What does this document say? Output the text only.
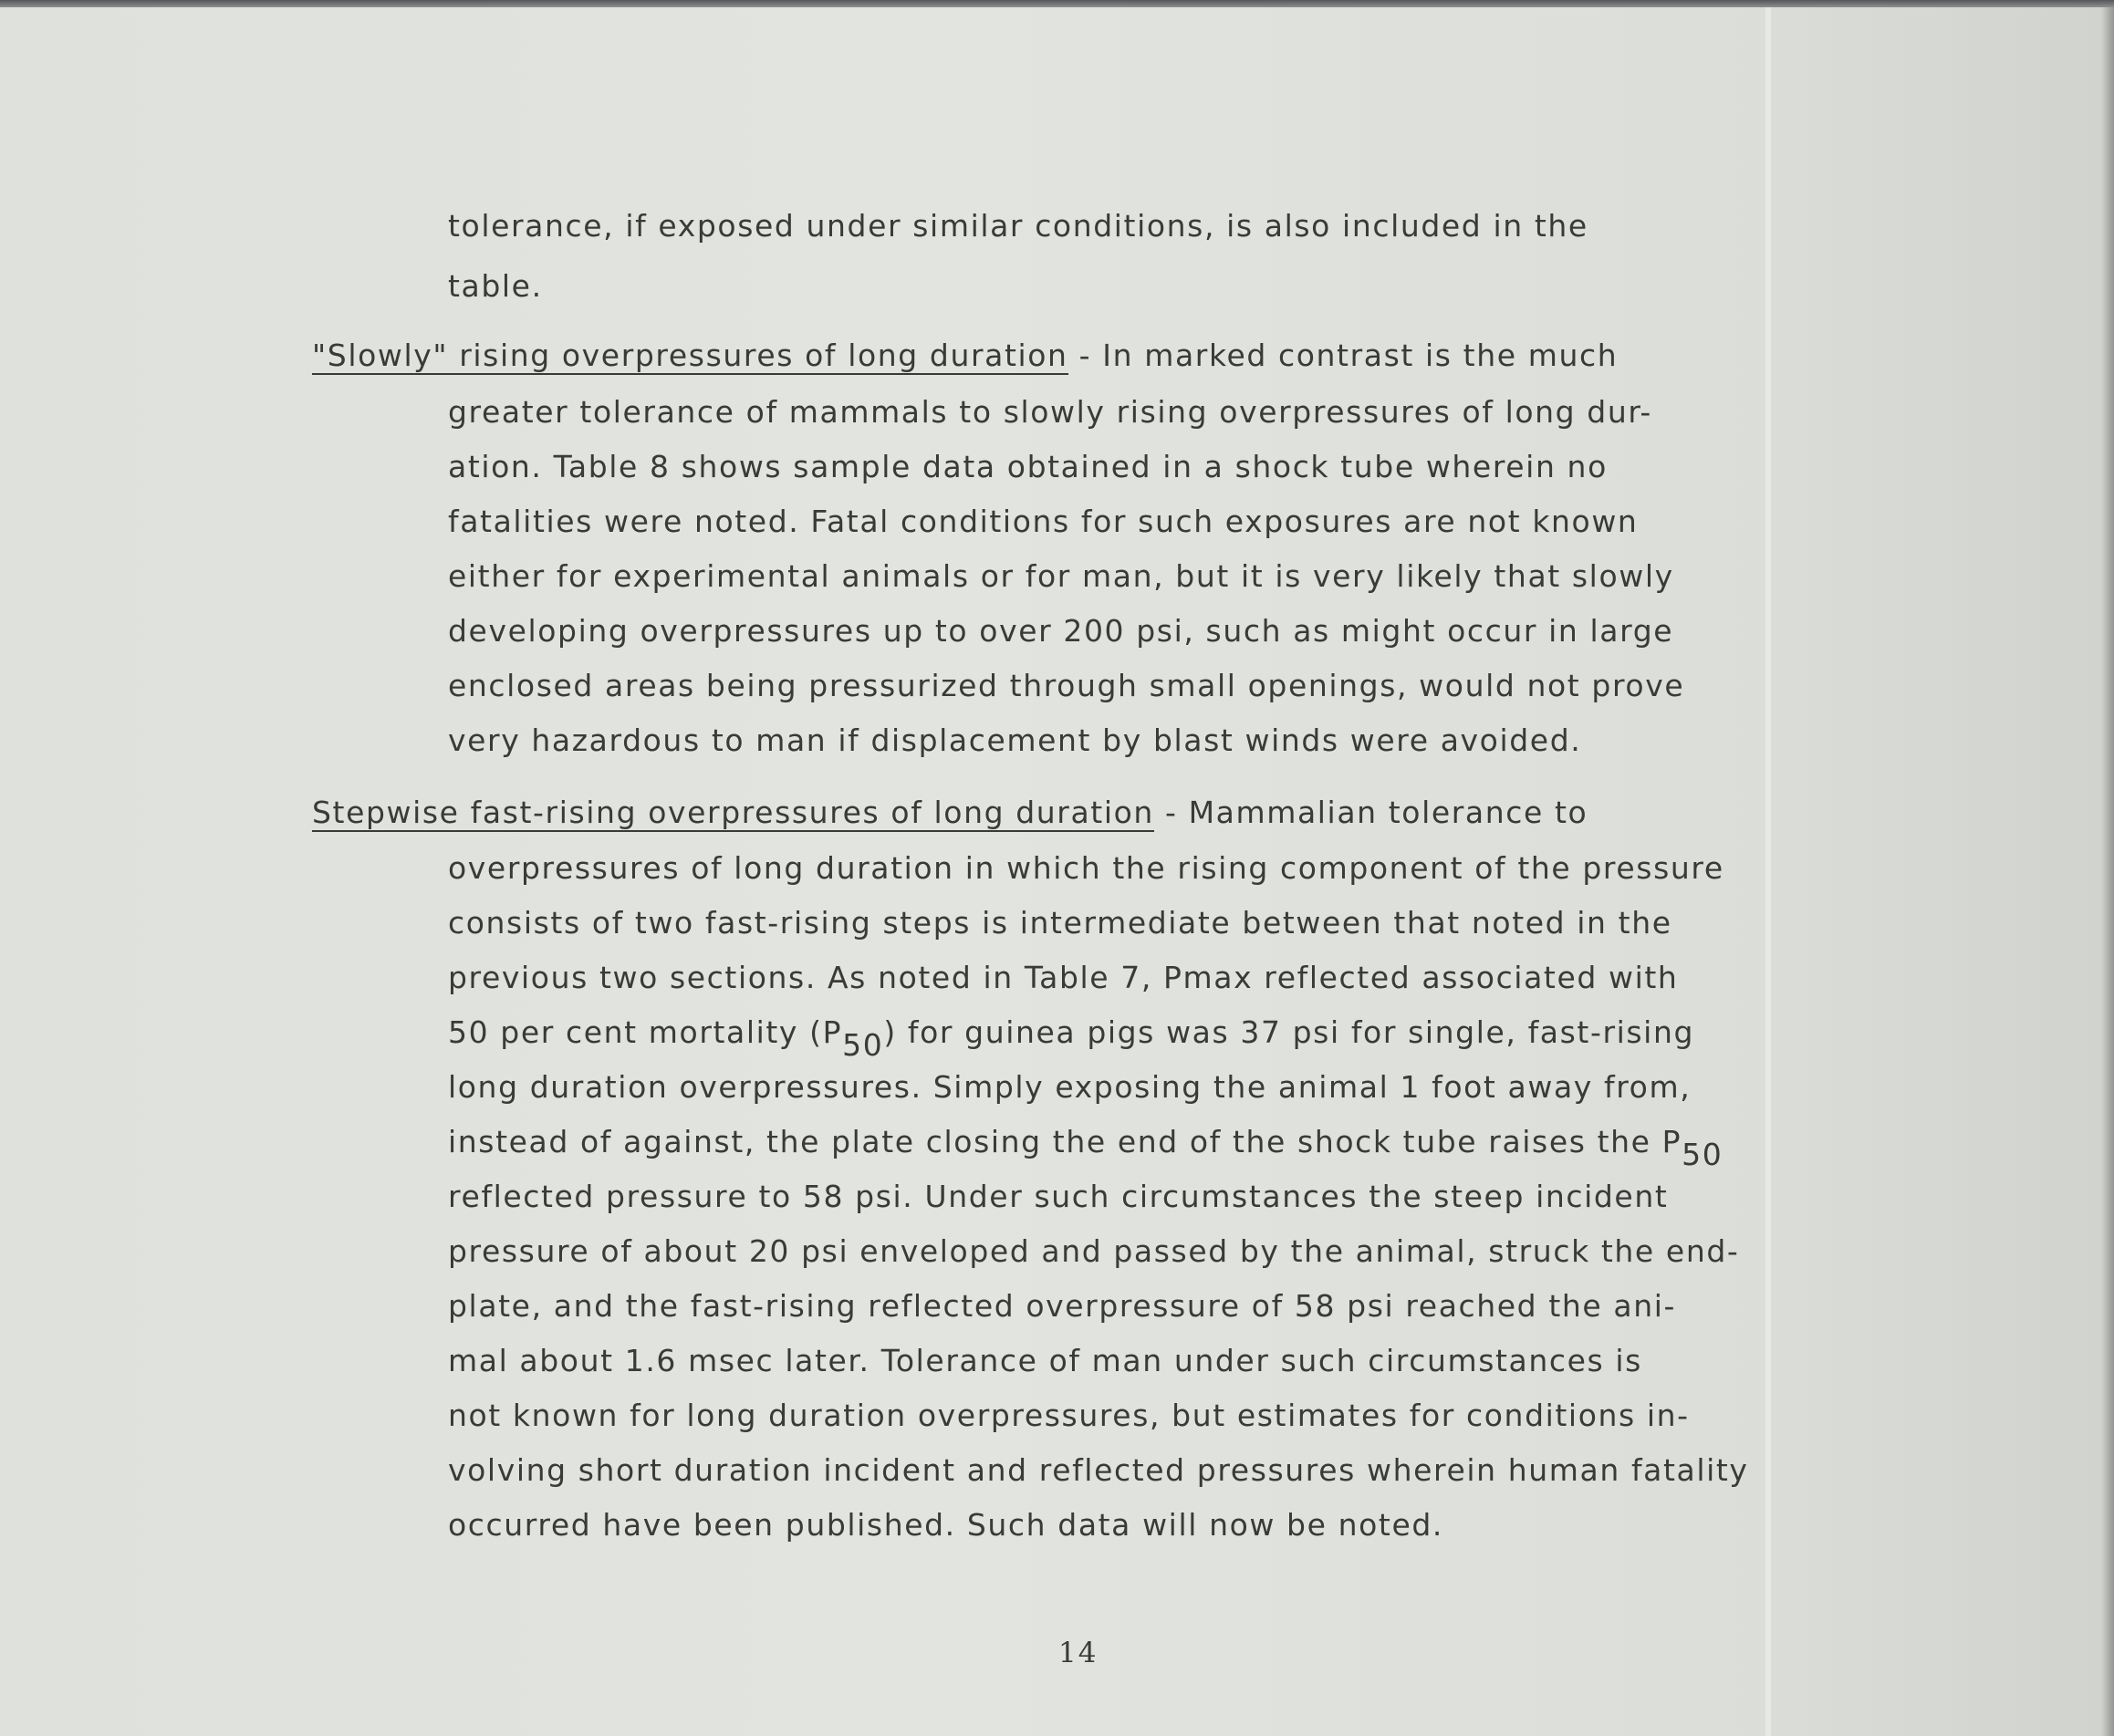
tolerance, if exposed under similar conditions, is also included in the
table.
"Slowly" rising overpressures of long duration - In marked contrast is the much
greater tolerance of mammals to slowly rising overpressures of long dur-
ation. Table 8 shows sample data obtained in a shock tube wherein no
fatalities were noted. Fatal conditions for such exposures are not known
either for experimental animals or for man, but it is very likely that slowly
developing overpressures up to over 200 psi, such as might occur in large
enclosed areas being pressurized through small openings, would not prove
very hazardous to man if displacement by blast winds were avoided.
Stepwise fast-rising overpressures of long duration - Mammalian tolerance to
overpressures of long duration in which the rising component of the pressure
consists of two fast-rising steps is intermediate between that noted in the
previous two sections. As noted in Table 7, Pmax reflected associated with
50 per cent mortality $(P_{50})$ for guinea pigs was 37 psi for single, fast-rising
long duration overpressures. Simply exposing the animal 1 foot away from,
instead of against, the plate closing the end of the shock tube raises the $P_{50}$
reflected pressure to 58 psi. Under such circumstances the steep incident
pressure of about 20 psi enveloped and passed by the animal, struck the end-
plate, and the fast-rising reflected overpressure of 58 psi reached the ani-
mal about 1.6 msec later. Tolerance of man under such circumstances is
not known for long duration overpressures, but estimates for conditions in-
volving short duration incident and reflected pressures wherein human fatality
occurred have been published. Such data will now be noted.
14
